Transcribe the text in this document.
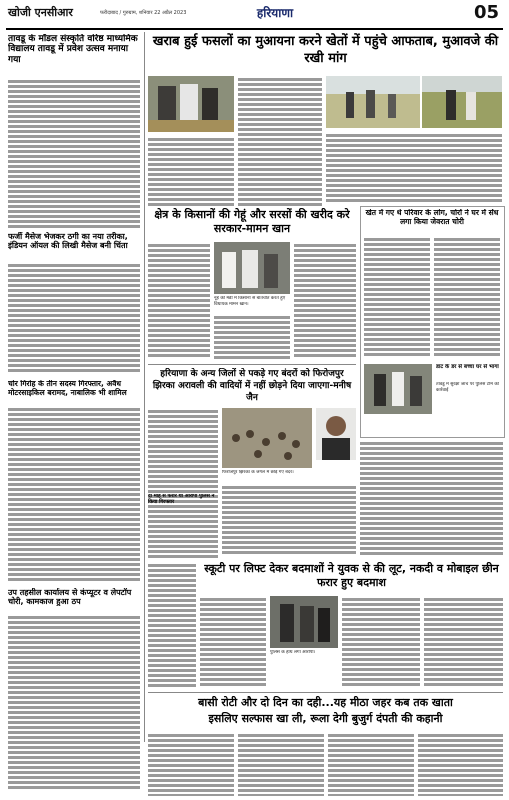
खोजी एनसीआर	फरीदाबाद / गुरुग्राम, शनिवार 22 अप्रैल 2023	हरियाणा	05
तावडू के मॉडल संस्कृति वरिष्ठ माध्यमिक विद्यालय तावडू में प्रवेश उत्सव मनाया गया
फर्जी मैसेज भेजकर ठगी का नया तरीका, इंडियन ऑयल की लिखी मैसेज बनी चिंता
चोर गिरोह के तीन सदस्य गिरफ्तार, अवैध मोटरसाइकिल बरामद, नाबालिक भी शामिल
उप तहसील कार्यालय से कंप्यूटर व लेपटॉप चोरी, कामकाज हुआ ठप
खराब हुई फसलों का मुआयना करने खेतों में पहुंचे आफताब, मुआवजे की रखी मांग
क्षेत्र के किसानों की गेहूं और सरसों की खरीद करे सरकार-मामन खान
नूंह की मंडी में किसानों से बातचीत करते हुए विधायक मामन खान।
खेत में गए थे परिवार के लोग, चोरों ने घर में सेंध लगा किया जेवरात चोरी
डांट के डर से बच्चा घर से भागा
तावडू में सुरक्षा जांच पर पुलिस टीम की कार्रवाई
हरियाणा के अन्य जिलों से पकड़े गए बंदरों को फिरोजपुर झिरका अरावली की वादियों में नहीं छोड़ने दिया जाएगा-मनीष जैन
फिरोजपुर झिरका के जंगल में छोड़े गए बंदर।
दो माह से फरार था आरोपी पुलिस ने किया गिरफ्तार
स्कूटी पर लिफ्ट देकर बदमाशों ने युवक से की लूट, नकदी व मोबाइल छीन फरार हुए बदमाश
पुलिस के हाथ लगा आरोपी।
बासी रोटी और दो दिन का दही...यह मीठा जहर कब तक खाता
इसलिए सल्फास खा ली, रूला देगी बुजुर्ग दंपती की कहानी
